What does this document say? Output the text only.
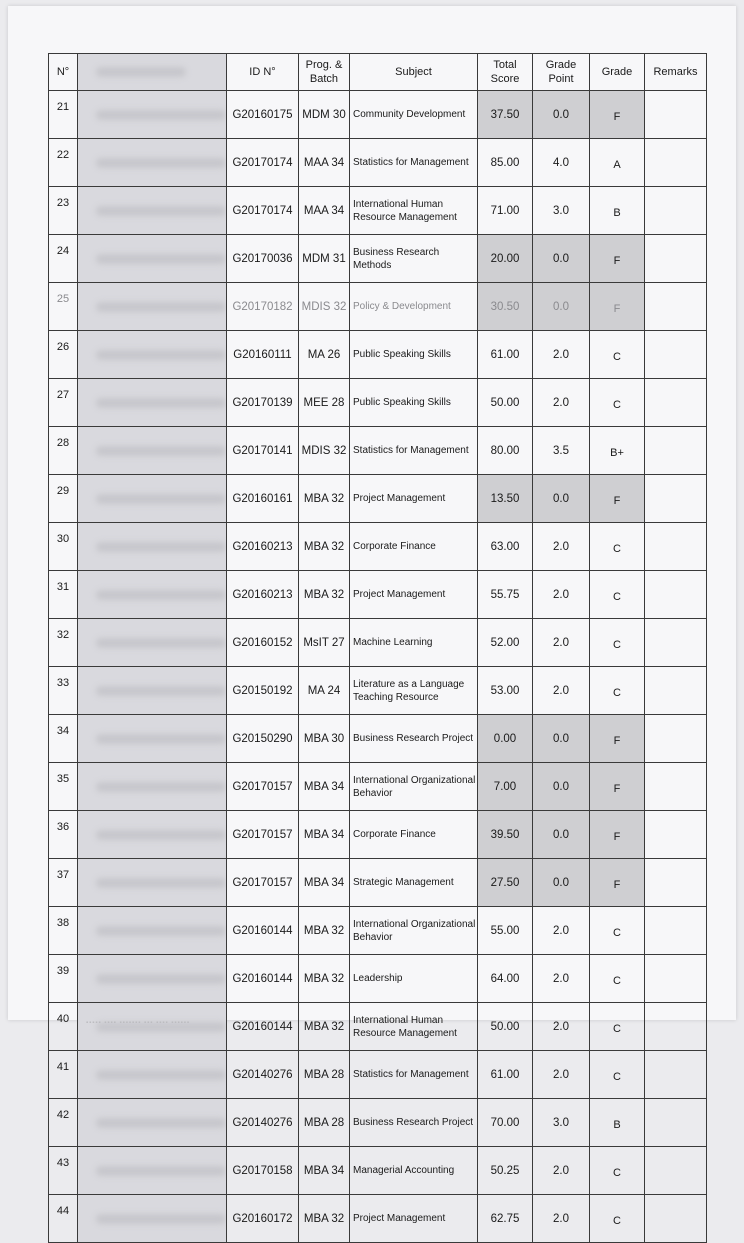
N°		ID N°	Prog. & Batch	Subject	Total Score	Grade Point	Grade	Remarks
21		G20160175	MDM 30	Community Development	37.50	0.0	F	
22		G20170174	MAA 34	Statistics for Management	85.00	4.0	A	
23		G20170174	MAA 34	International Human Resource Management	71.00	3.0	B	
24		G20170036	MDM 31	Business Research Methods	20.00	0.0	F	
25		G20170182	MDIS 32	Policy & Development	30.50	0.0	F	
26		G20160111	MA 26	Public Speaking Skills	61.00	2.0	C	
27		G20170139	MEE 28	Public Speaking Skills	50.00	2.0	C	
28		G20170141	MDIS 32	Statistics for Management	80.00	3.5	B+	
29		G20160161	MBA 32	Project Management	13.50	0.0	F	
30		G20160213	MBA 32	Corporate Finance	63.00	2.0	C	
31		G20160213	MBA 32	Project Management	55.75	2.0	C	
32		G20160152	MsIT 27	Machine Learning	52.00	2.0	C	
33		G20150192	MA 24	Literature as a Language Teaching Resource	53.00	2.0	C	
34		G20150290	MBA 30	Business Research Project	0.00	0.0	F	
35		G20170157	MBA 34	International Organizational Behavior	7.00	0.0	F	
36		G20170157	MBA 34	Corporate Finance	39.50	0.0	F	
37		G20170157	MBA 34	Strategic Management	27.50	0.0	F	
38		G20160144	MBA 32	International Organizational Behavior	55.00	2.0	C	
39		G20160144	MBA 32	Leadership	64.00	2.0	C	
40		G20160144	MBA 32	International Human Resource Management	50.00	2.0	C	
41		G20140276	MBA 28	Statistics for Management	61.00	2.0	C	
42		G20140276	MBA 28	Business Research Project	70.00	3.0	B	
43		G20170158	MBA 34	Managerial Accounting	50.25	2.0	C	
44		G20160172	MBA 32	Project Management	62.75	2.0	C	
▪▪▪▪▪ ▪▪▪▪ ▪▪▪▪▪▪▪ ▪▪▪ ▪▪▪▪ ▪▪▪▪▪▪
